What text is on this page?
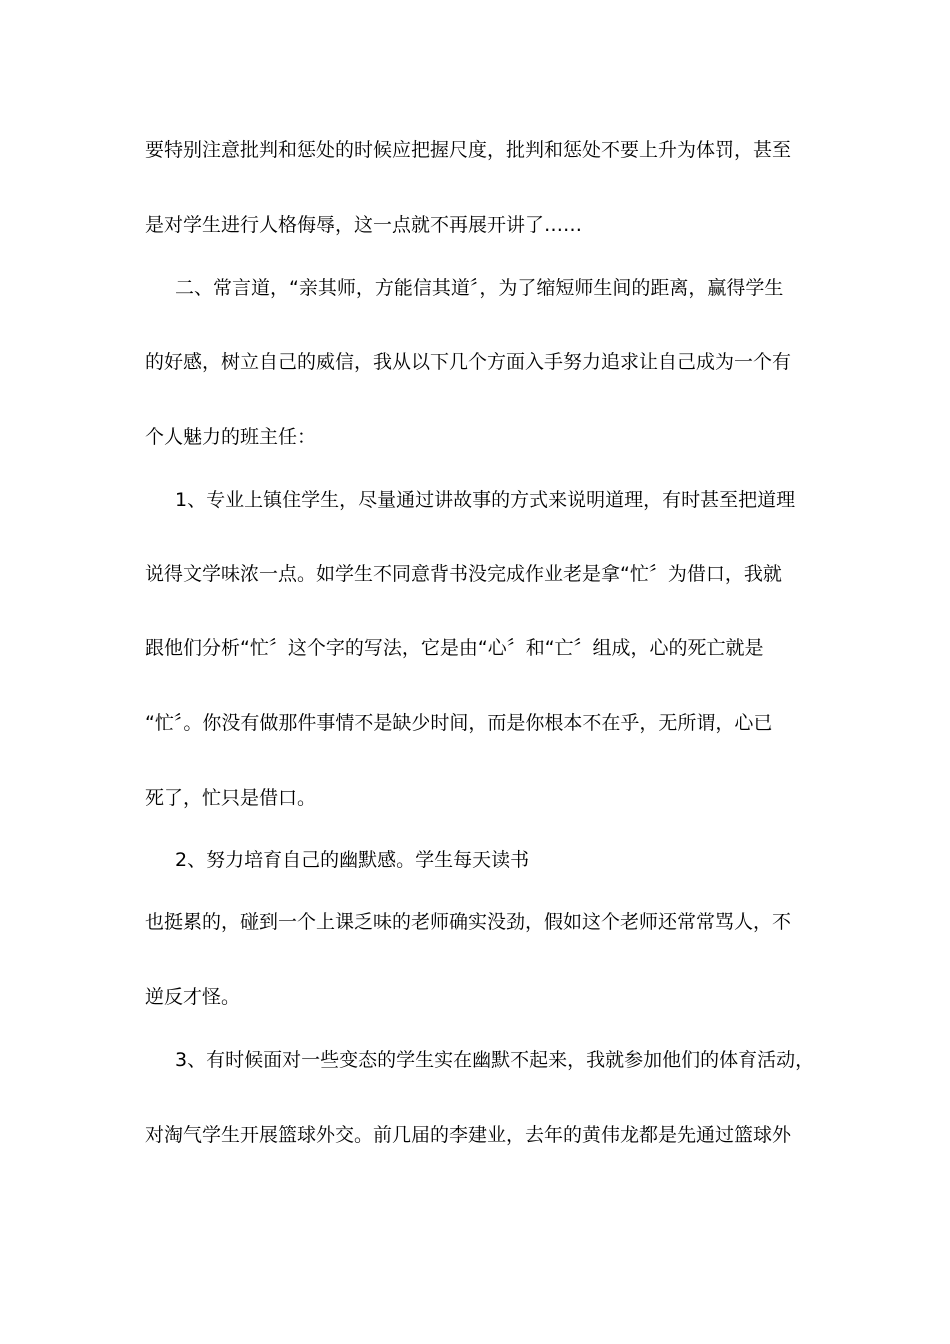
要特别注意批判和惩处的时候应把握尺度，批判和惩处不要上升为体罚，甚至
是对学生进行人格侮辱，这一点就不再展开讲了……
二、常言道，“亲其师，方能信其道〞，为了缩短师生间的距离，赢得学生
的好感，树立自己的威信，我从以下几个方面入手努力追求让自己成为一个有
个人魅力的班主任：
1、专业上镇住学生，尽量通过讲故事的方式来说明道理，有时甚至把道理
说得文学味浓一点。如学生不同意背书没完成作业老是拿“忙〞为借口，我就
跟他们分析“忙〞这个字的写法，它是由“心〞和“亡〞组成，心的死亡就是
“忙〞。你没有做那件事情不是缺少时间，而是你根本不在乎，无所谓，心已
死了，忙只是借口。
2、努力培育自己的幽默感。学生每天读书
也挺累的，碰到一个上课乏味的老师确实没劲，假如这个老师还常常骂人，不
逆反才怪。
3、有时候面对一些变态的学生实在幽默不起来，我就参加他们的体育活动，
对淘气学生开展篮球外交。前几届的李建业，去年的黄伟龙都是先通过篮球外
